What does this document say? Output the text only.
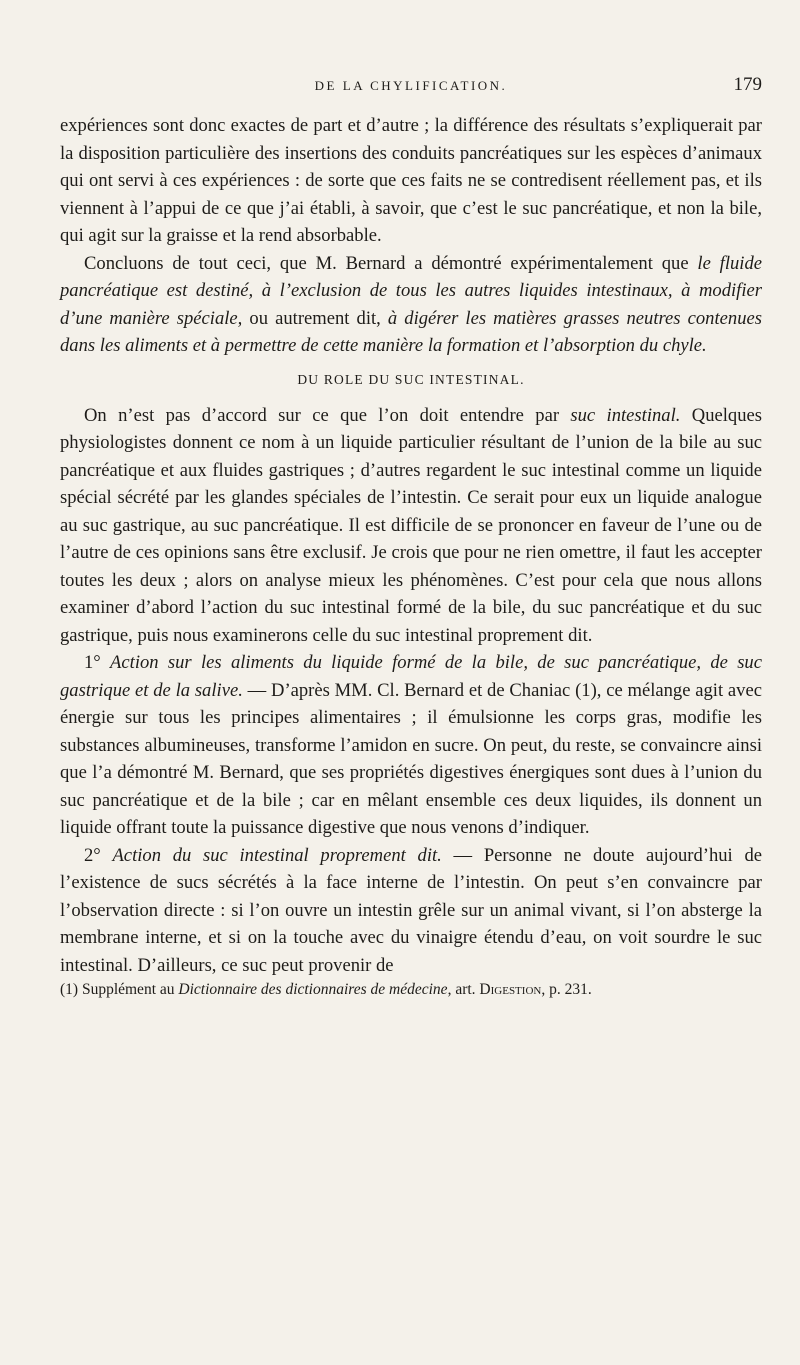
DE LA CHYLIFICATION.	179

expériences sont donc exactes de part et d’autre ; la différence des résultats s’expliquerait par la disposition particulière des insertions des conduits pancréatiques sur les espèces d’animaux qui ont servi à ces expériences : de sorte que ces faits ne se contredisent réellement pas, et ils viennent à l’appui de ce que j’ai établi, à savoir, que c’est le suc pancréatique, et non la bile, qui agit sur la graisse et la rend absorbable.

Concluons de tout ceci, que M. Bernard a démontré expérimentalement que le fluide pancréatique est destiné, à l’exclusion de tous les autres liquides intestinaux, à modifier d’une manière spéciale, ou autrement dit, à digérer les matières grasses neutres contenues dans les aliments et à permettre de cette manière la formation et l’absorption du chyle.

DU ROLE DU SUC INTESTINAL.

On n’est pas d’accord sur ce que l’on doit entendre par suc intestinal. Quelques physiologistes donnent ce nom à un liquide particulier résultant de l’union de la bile au suc pancréatique et aux fluides gastriques ; d’autres regardent le suc intestinal comme un liquide spécial sécrété par les glandes spéciales de l’intestin. Ce serait pour eux un liquide analogue au suc gastrique, au suc pancréatique. Il est difficile de se prononcer en faveur de l’une ou de l’autre de ces opinions sans être exclusif. Je crois que pour ne rien omettre, il faut les accepter toutes les deux ; alors on analyse mieux les phénomènes. C’est pour cela que nous allons examiner d’abord l’action du suc intestinal formé de la bile, du suc pancréatique et du suc gastrique, puis nous examinerons celle du suc intestinal proprement dit.

1° Action sur les aliments du liquide formé de la bile, de suc pancréatique, de suc gastrique et de la salive. — D’après MM. Cl. Bernard et de Chaniac (1), ce mélange agit avec énergie sur tous les principes alimentaires ; il émulsionne les corps gras, modifie les substances albumineuses, transforme l’amidon en sucre. On peut, du reste, se convaincre ainsi que l’a démontré M. Bernard, que ses propriétés digestives énergiques sont dues à l’union du suc pancréatique et de la bile ; car en mêlant ensemble ces deux liquides, ils donnent un liquide offrant toute la puissance digestive que nous venons d’indiquer.

2° Action du suc intestinal proprement dit. — Personne ne doute aujourd’hui de l’existence de sucs sécrétés à la face interne de l’intestin. On peut s’en convaincre par l’observation directe : si l’on ouvre un intestin grêle sur un animal vivant, si l’on absterge la membrane interne, et si on la touche avec du vinaigre étendu d’eau, on voit sourdre le suc intestinal. D’ailleurs, ce suc peut provenir de

(1) Supplément au Dictionnaire des dictionnaires de médecine, art. Digestion, p. 231.
